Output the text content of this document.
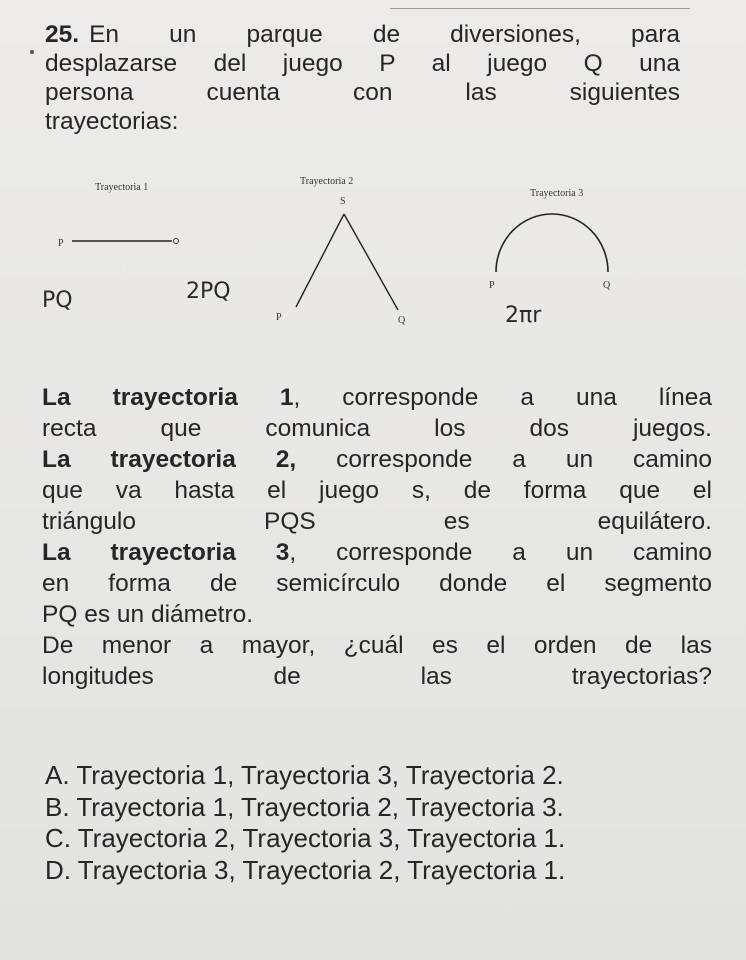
25. En un parque de diversiones, para
desplazarse del juego P al juego Q una
persona cuenta con las siguientes
trayectorias:
Trayectoria 1
P
PQ	2PQ
Trayectoria 2
S
P	Q
Trayectoria 3
P	Q
2πr
La trayectoria 1, corresponde a una línea
recta que comunica los dos juegos.
La trayectoria 2, corresponde a un camino
que va hasta el juego s, de forma que el
triángulo PQS es equilátero.
La trayectoria 3, corresponde a un camino
en forma de semicírculo donde el segmento
PQ es un diámetro.
De menor a mayor, ¿cuál es el orden de las
longitudes de las trayectorias?
A. Trayectoria 1, Trayectoria 3, Trayectoria 2.
B. Trayectoria 1, Trayectoria 2, Trayectoria 3.
C. Trayectoria 2, Trayectoria 3, Trayectoria 1.
D. Trayectoria 3, Trayectoria 2, Trayectoria 1.
